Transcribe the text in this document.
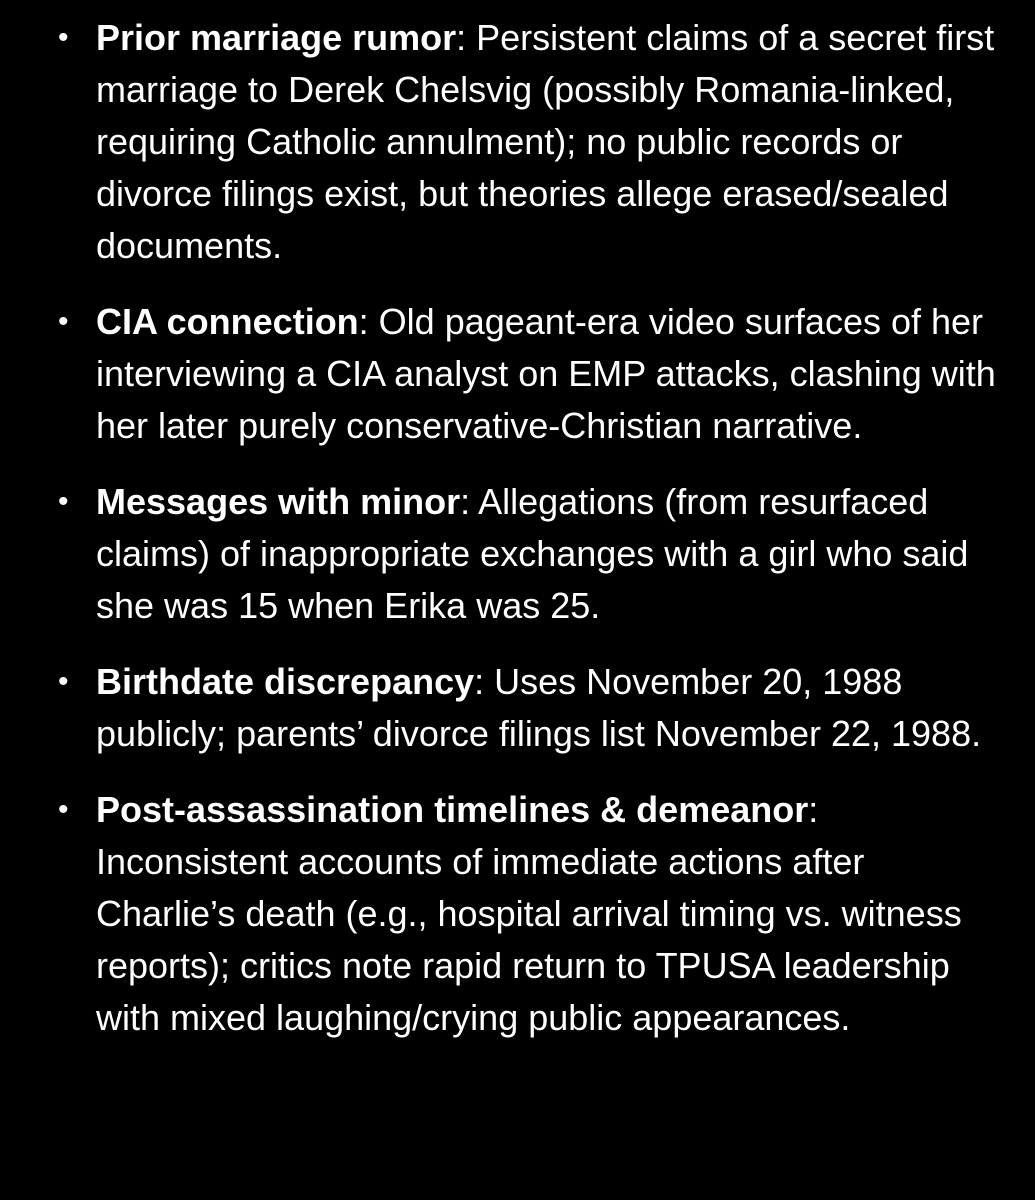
• Prior marriage rumor: Persistent claims of a secret first marriage to Derek Chelsvig (possibly Romania-linked, requiring Catholic annulment); no public records or divorce filings exist, but theories allege erased/sealed documents.
• CIA connection: Old pageant-era video surfaces of her interviewing a CIA analyst on EMP attacks, clashing with her later purely conservative-Christian narrative.
• Messages with minor: Allegations (from resurfaced claims) of inappropriate exchanges with a girl who said she was 15 when Erika was 25.
• Birthdate discrepancy: Uses November 20, 1988 publicly; parents’ divorce filings list November 22, 1988.
• Post-assassination timelines & demeanor: Inconsistent accounts of immediate actions after Charlie’s death (e.g., hospital arrival timing vs. witness reports); critics note rapid return to TPUSA leadership with mixed laughing/crying public appearances.
